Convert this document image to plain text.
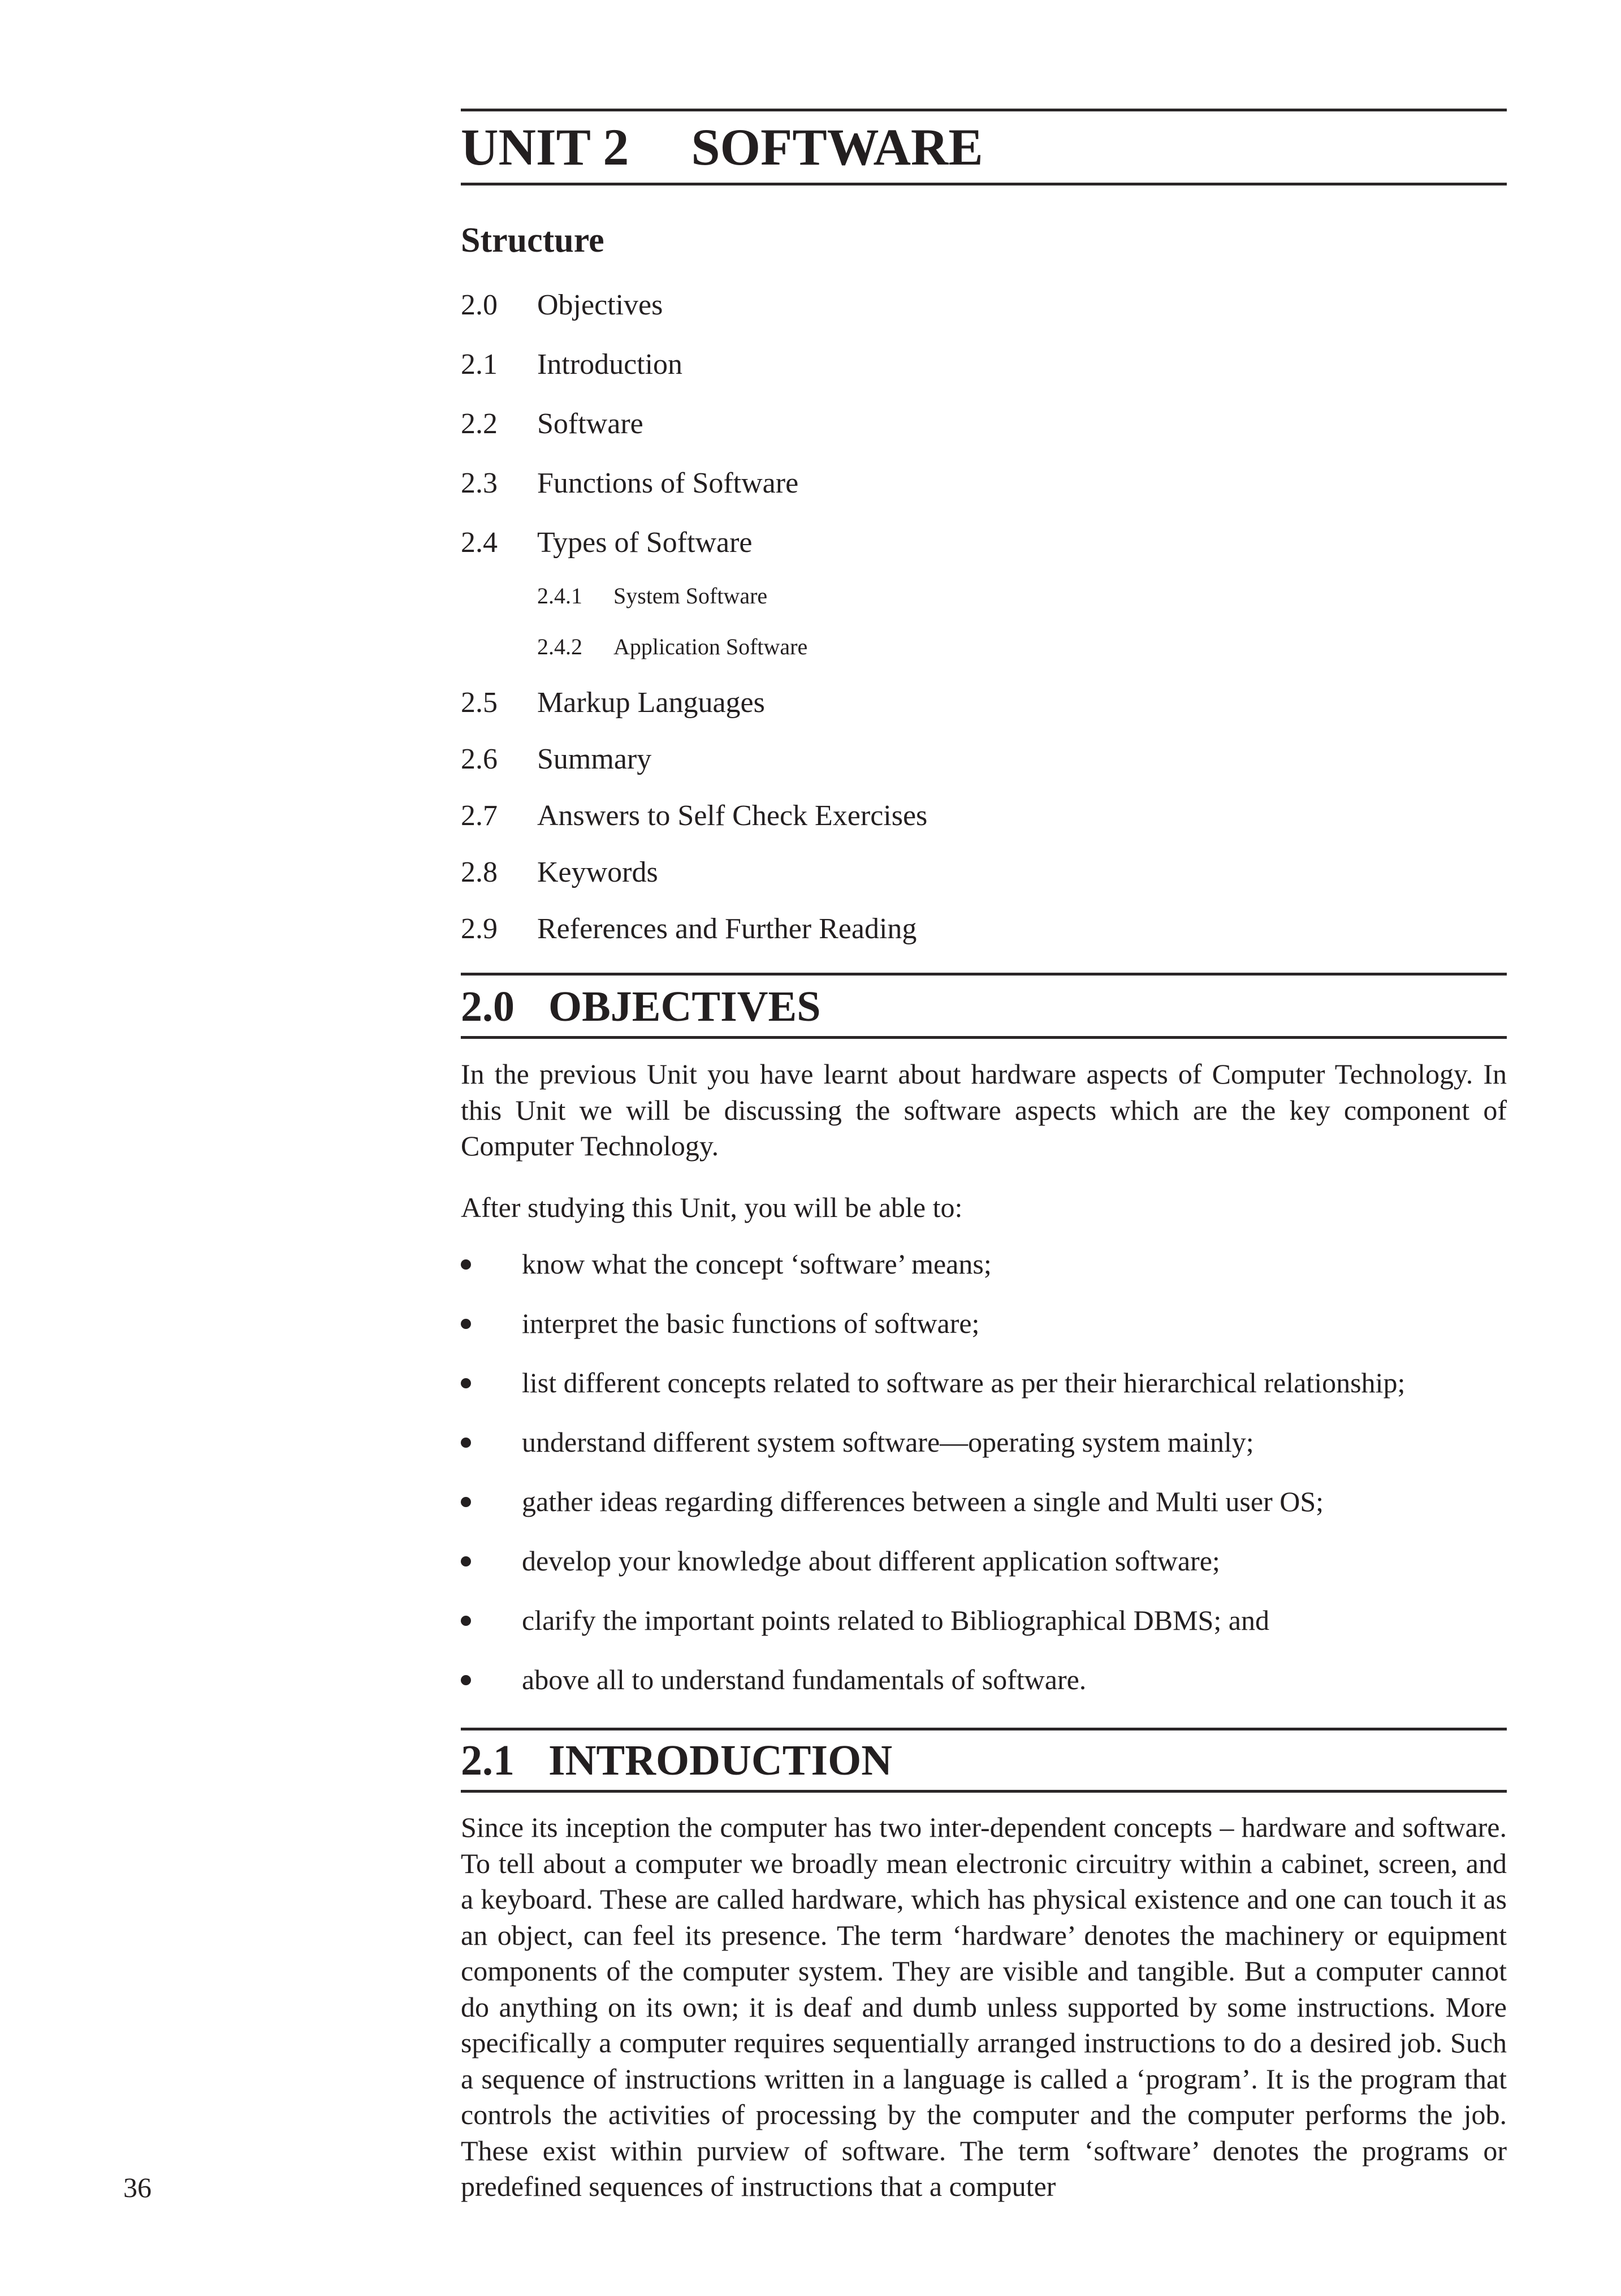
UNIT 2 SOFTWARE
Structure
2.0 Objectives
2.1 Introduction
2.2 Software
2.3 Functions of Software
2.4 Types of Software
2.4.1 System Software
2.4.2 Application Software
2.5 Markup Languages
2.6 Summary
2.7 Answers to Self Check Exercises
2.8 Keywords
2.9 References and Further Reading
2.0 OBJECTIVES
In the previous Unit you have learnt about hardware aspects of Computer Technology. In this Unit we will be discussing the software aspects which are the key component of Computer Technology.
After studying this Unit, you will be able to:
know what the concept ‘software’ means;
interpret the basic functions of software;
list different concepts related to software as per their hierarchical relationship;
understand different system software—operating system mainly;
gather ideas regarding differences between a single and Multi user OS;
develop your knowledge about different application software;
clarify the important points related to Bibliographical DBMS; and
above all to understand fundamentals of software.
2.1 INTRODUCTION
Since its inception the computer has two inter-dependent concepts – hardware and software. To tell about a computer we broadly mean electronic circuitry within a cabinet, screen, and a keyboard. These are called hardware, which has physical existence and one can touch it as an object, can feel its presence. The term ‘hardware’ denotes the machinery or equipment components of the computer system. They are visible and tangible. But a computer cannot do anything on its own; it is deaf and dumb unless supported by some instructions. More specifically a computer requires sequentially arranged instructions to do a desired job. Such a sequence of instructions written in a language is called a ‘program’. It is the program that controls the activities of processing by the computer and the computer performs the job. These exist within purview of software. The term ‘software’ denotes the programs or predefined sequences of instructions that a computer
36
